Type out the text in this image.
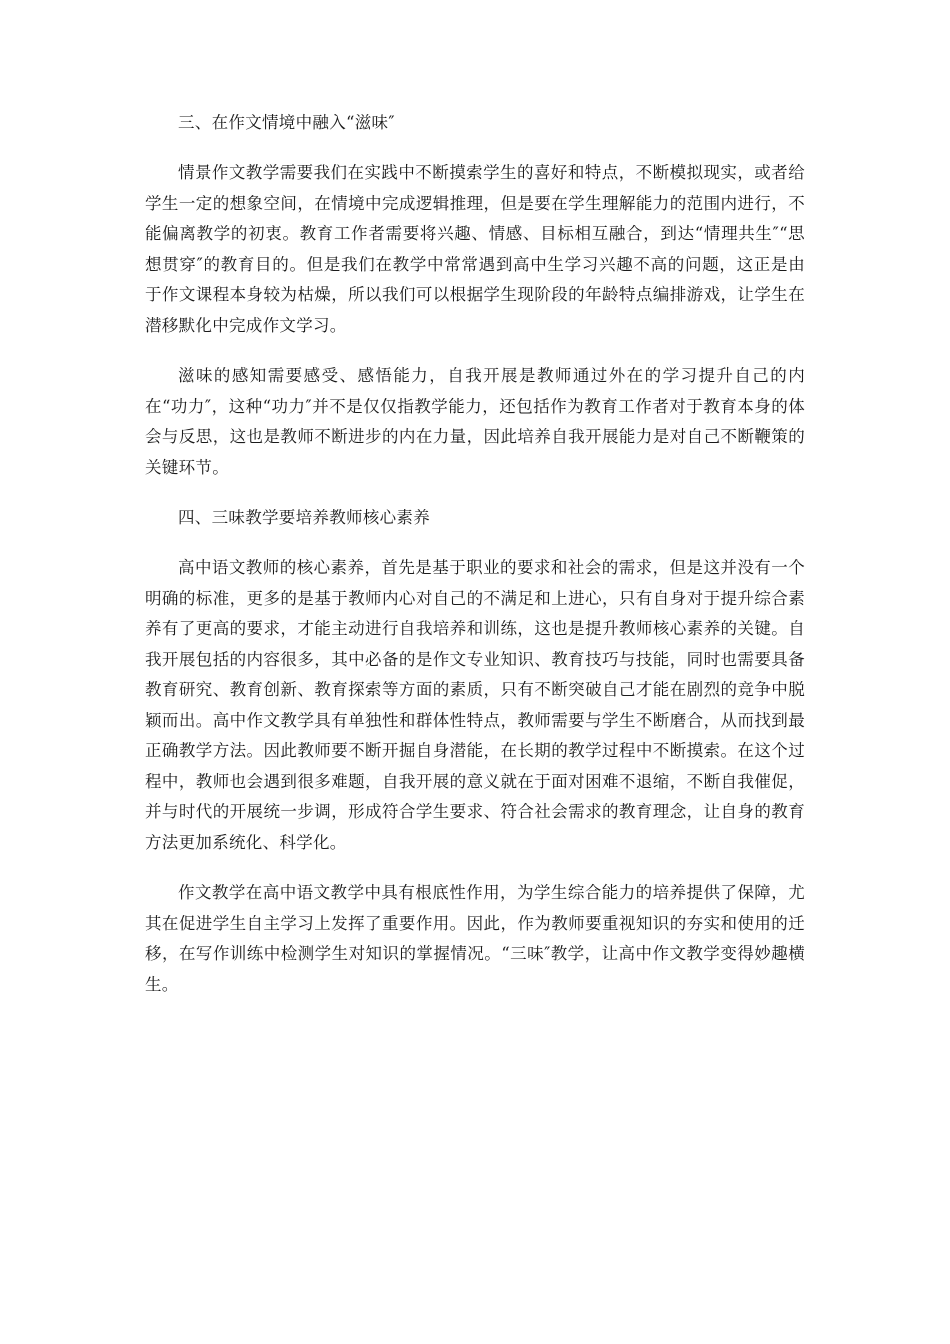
三、在作文情境中融入“滋味″

情景作文教学需要我们在实践中不断摸索学生的喜好和特点，不断模拟现实，或者给学生一定的想象空间，在情境中完成逻辑推理，但是要在学生理解能力的范围内进行，不能偏离教学的初衷。教育工作者需要将兴趣、情感、目标相互融合，到达“情理共生″“思想贯穿″的教育目的。但是我们在教学中常常遇到高中生学习兴趣不高的问题，这正是由于作文课程本身较为枯燥，所以我们可以根据学生现阶段的年龄特点编排游戏，让学生在潜移默化中完成作文学习。

滋味的感知需要感受、感悟能力，自我开展是教师通过外在的学习提升自己的内在“功力″，这种“功力″并不是仅仅指教学能力，还包括作为教育工作者对于教育本身的体会与反思，这也是教师不断进步的内在力量，因此培养自我开展能力是对自己不断鞭策的关键环节。

四、三味教学要培养教师核心素养

高中语文教师的核心素养，首先是基于职业的要求和社会的需求，但是这并没有一个明确的标准，更多的是基于教师内心对自己的不满足和上进心，只有自身对于提升综合素养有了更高的要求，才能主动进行自我培养和训练，这也是提升教师核心素养的关键。自我开展包括的内容很多，其中必备的是作文专业知识、教育技巧与技能，同时也需要具备教育研究、教育创新、教育探索等方面的素质，只有不断突破自己才能在剧烈的竞争中脱颖而出。高中作文教学具有单独性和群体性特点，教师需要与学生不断磨合，从而找到最正确教学方法。因此教师要不断开掘自身潜能，在长期的教学过程中不断摸索。在这个过程中，教师也会遇到很多难题，自我开展的意义就在于面对困难不退缩，不断自我催促，并与时代的开展统一步调，形成符合学生要求、符合社会需求的教育理念，让自身的教育方法更加系统化、科学化。

作文教学在高中语文教学中具有根底性作用，为学生综合能力的培养提供了保障，尤其在促进学生自主学习上发挥了重要作用。因此，作为教师要重视知识的夯实和使用的迁移，在写作训练中检测学生对知识的掌握情况。“三味″教学，让高中作文教学变得妙趣横生。
